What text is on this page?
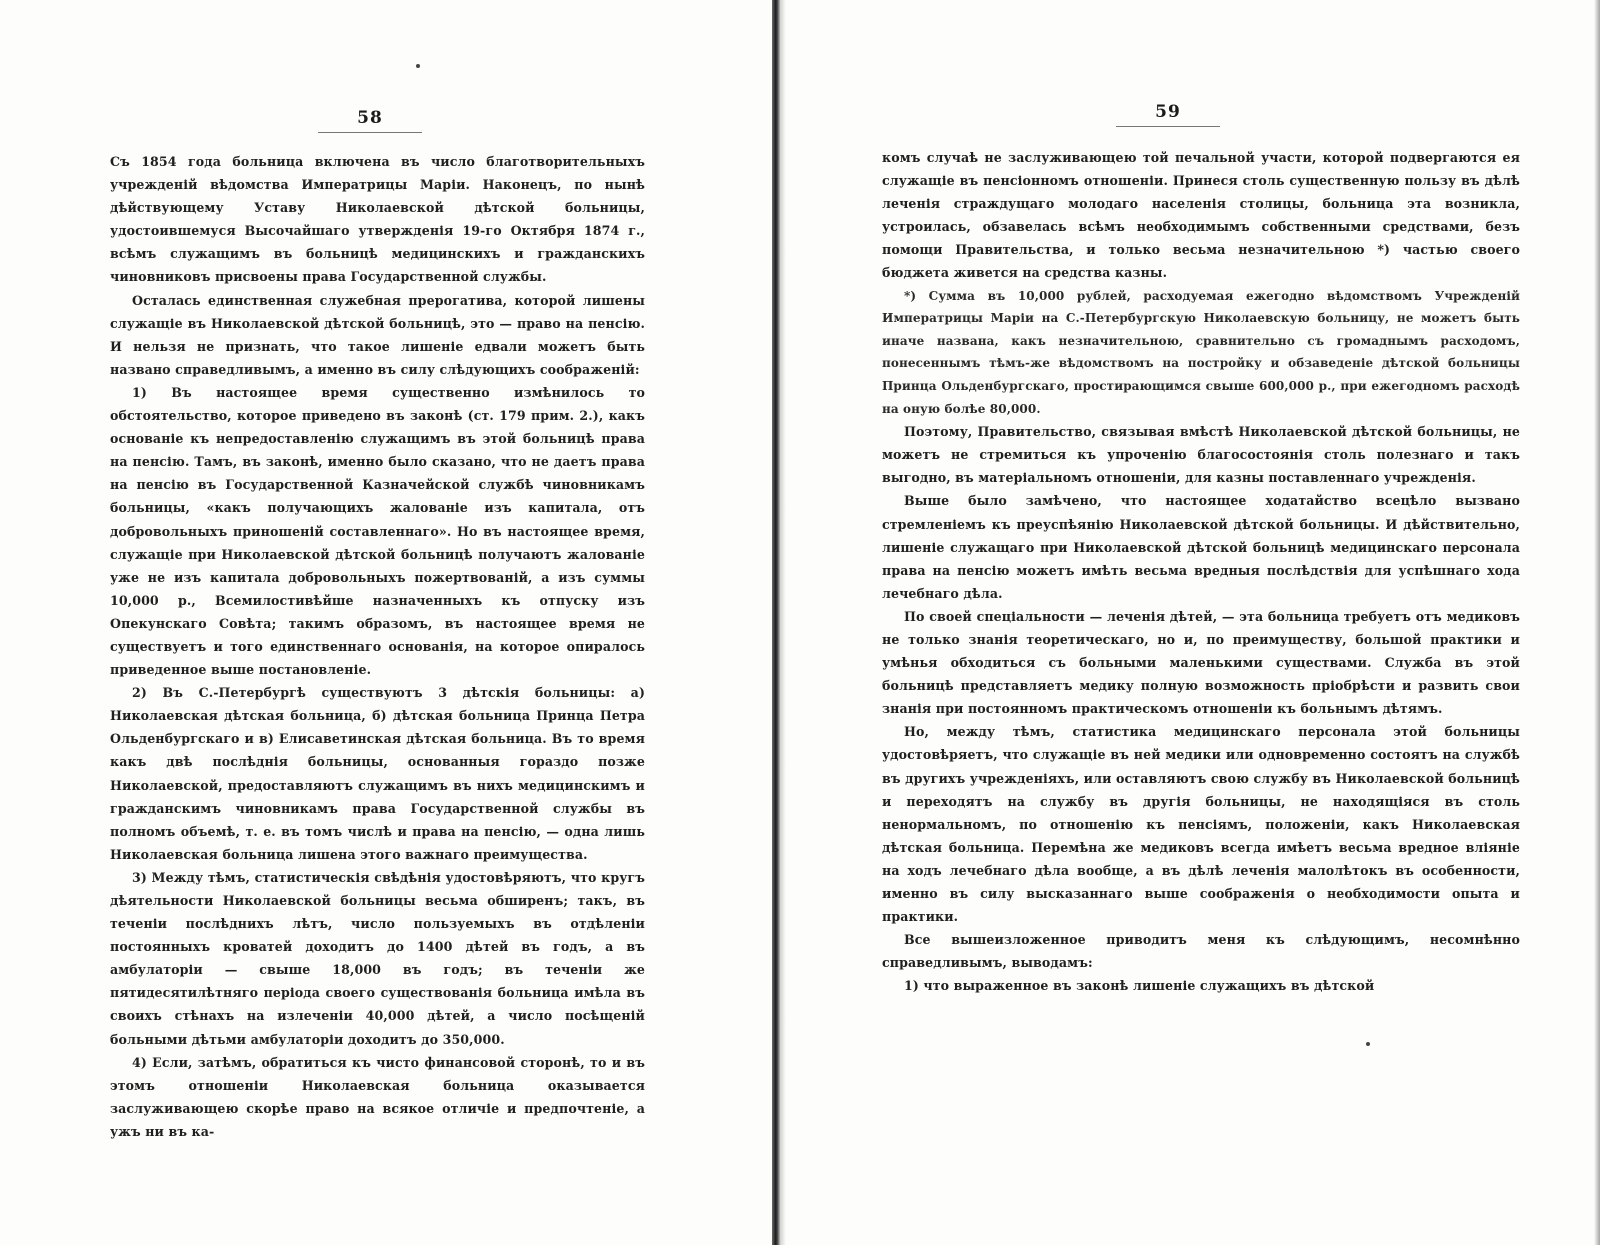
58

Съ 1854 года больница включена въ число благотворительныхъ учрежденій вѣдомства Императрицы Маріи. Наконецъ, по нынѣ дѣйствующему Уставу Николаевской дѣтской больницы, удостоившемуся Высочайшаго утвержденія 19-го Октября 1874 г., всѣмъ служащимъ въ больницѣ медицинскихъ и гражданскихъ чиновниковъ присвоены права Государственной службы.

Осталась единственная служебная прерогатива, которой лишены служащіе въ Николаевской дѣтской больницѣ, это — право на пенсію. И нельзя не признать, что такое лишеніе едвали можетъ быть названо справедливымъ, а именно въ силу слѣдующихъ соображеній:

1) Въ настоящее время существенно измѣнилось то обстоятельство, которое приведено въ законѣ (ст. 179 прим. 2.), какъ основаніе къ непредоставленію служащимъ въ этой больницѣ права на пенсію. Тамъ, въ законѣ, именно было сказано, что не даетъ права на пенсію въ Государственной Казначейской службѣ чиновникамъ больницы, «какъ получающихъ жалованіе изъ капитала, отъ добровольныхъ приношеній составленнаго». Но въ настоящее время, служащіе при Николаевской дѣтской больницѣ получаютъ жалованіе уже не изъ капитала добровольныхъ пожертвованій, а изъ суммы 10,000 р., Всемилостивѣйше назначенныхъ къ отпуску изъ Опекунскаго Совѣта; такимъ образомъ, въ настоящее время не существуетъ и того единственнаго основанія, на которое опиралось приведенное выше постановленіе.

2) Въ С.-Петербургѣ существуютъ 3 дѣтскія больницы: а) Николаевская дѣтская больница, б) дѣтская больница Принца Петра Ольденбургскаго и в) Елисаветинская дѣтская больница. Въ то время какъ двѣ послѣднія больницы, основанныя гораздо позже Николаевской, предоставляютъ служащимъ въ нихъ медицинскимъ и гражданскимъ чиновникамъ права Государственной службы въ полномъ объемѣ, т. е. въ томъ числѣ и права на пенсію, — одна лишь Николаевская больница лишена этого важнаго преимущества.

3) Между тѣмъ, статистическія свѣдѣнія удостовѣряютъ, что кругъ дѣятельности Николаевской больницы весьма обширенъ; такъ, въ теченіи послѣднихъ лѣтъ, число пользуемыхъ въ отдѣленіи постоянныхъ кроватей доходитъ до 1400 дѣтей въ годъ, а въ амбулаторіи — свыше 18,000 въ годъ; въ теченіи же пятидесятилѣтняго періода своего существованія больница имѣла въ своихъ стѣнахъ на излеченіи 40,000 дѣтей, а число посѣщеній больными дѣтьми амбулаторіи доходитъ до 350,000.

4) Если, затѣмъ, обратиться къ чисто финансовой сторонѣ, то и въ этомъ отношеніи Николаевская больница оказывается заслуживающею скорѣе право на всякое отличіе и предпочтеніе, а ужъ ни въ ка-

59

комъ случаѣ не заслуживающею той печальной участи, которой подвергаются ея служащіе въ пенсіонномъ отношеніи. Принеся столь существенную пользу въ дѣлѣ леченія страждущаго молодаго населенія столицы, больница эта возникла, устроилась, обзавелась всѣмъ необходимымъ собственными средствами, безъ помощи Правительства, и только весьма незначительною *) частью своего бюджета живется на средства казны.

*) Сумма въ 10,000 рублей, расходуемая ежегодно вѣдомствомъ Учрежденій Императрицы Маріи на С.-Петербургскую Николаевскую больницу, не можетъ быть иначе названа, какъ незначительною, сравнительно съ громаднымъ расходомъ, понесеннымъ тѣмъ-же вѣдомствомъ на постройку и обзаведеніе дѣтской больницы Принца Ольденбургскаго, простирающимся свыше 600,000 р., при ежегодномъ расходѣ на оную болѣе 80,000.

Поэтому, Правительство, связывая вмѣстѣ Николаевской дѣтской больницы, не можетъ не стремиться къ упроченію благосостоянія столь полезнаго и такъ выгодно, въ матеріальномъ отношеніи, для казны поставленнаго учрежденія.

Выше было замѣчено, что настоящее ходатайство всецѣло вызвано стремленіемъ къ преуспѣянію Николаевской дѣтской больницы. И дѣйствительно, лишеніе служащаго при Николаевской дѣтской больницѣ медицинскаго персонала права на пенсію можетъ имѣть весьма вредныя послѣдствія для успѣшнаго хода лечебнаго дѣла.

По своей спеціальности — леченія дѣтей, — эта больница требуетъ отъ медиковъ не только знанія теоретическаго, но и, по преимуществу, большой практики и умѣнья обходиться съ больными маленькими существами. Служба въ этой больницѣ представляетъ медику полную возможность пріобрѣсти и развить свои знанія при постоянномъ практическомъ отношеніи къ больнымъ дѣтямъ.

Но, между тѣмъ, статистика медицинскаго персонала этой больницы удостовѣряетъ, что служащіе въ ней медики или одновременно состоятъ на службѣ въ другихъ учрежденіяхъ, или оставляютъ свою службу въ Николаевской больницѣ и переходятъ на службу въ другія больницы, не находящіяся въ столь ненормальномъ, по отношенію къ пенсіямъ, положеніи, какъ Николаевская дѣтская больница. Перемѣна же медиковъ всегда имѣетъ весьма вредное вліяніе на ходъ лечебнаго дѣла вообще, а въ дѣлѣ леченія малолѣтокъ въ особенности, именно въ силу высказаннаго выше соображенія о необходимости опыта и практики.

Все вышеизложенное приводитъ меня къ слѣдующимъ, несомнѣнно справедливымъ, выводамъ:

1) что выраженное въ законѣ лишеніе служащихъ въ дѣтской
